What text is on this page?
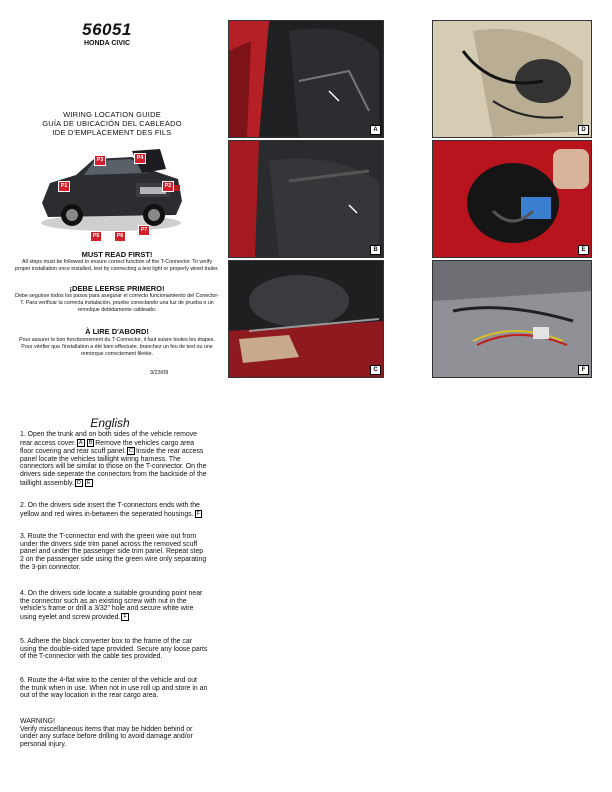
56051
HONDA CIVIC
WIRING LOCATION GUIDE
GUÍA DE UBICACIÓN DEL CABLEADO
IDE D'EMPLACEMENT DES FILS
P3	P4
P1	P2
P5	P6
P7
MUST READ FIRST!
All steps must be followed to ensure correct function of the T-Connector. To verify proper installation once installed, test by connecting a test light or properly wired trailer.
¡DEBE LEERSE PRIMERO!
Debe seguirse todos los pasos para asegurar el correcto funcionamiento del Conector-T. Para verificar la correcta instalación, pruebe conectando una luz de prueba o un remolque debidamente cableado.
À LIRE D'ABORD!
Pour assurer le bon fonctionnement du T-Connector, il faut suivre toutes les étapes. Pour vérifier que l'installation a été bien effectuée, branchez un feu de test ou une remorque correctement filetée.
3/23/09
English
1. Open the trunk and on both sides of the vehicle remove rear access cover. A B Remove the vehicles cargo area floor covering and rear scuff panel. C Inside the rear access panel locate the vehicles taillight wiring harness. The connectors will be similar to those on the T-connector. On the drivers side seperate the connectors from the backside of the taillight assembly. D E
2. On the drivers side insert the T-connectors ends with the yellow and red wires in-between the seperated housings. F
3. Route the T-connector end with the green wire out from under the drivers side trim panel across the removed scuff panel and under the passenger side trim panel. Repeat step 2 on the passenger side using the green wire only separating the 3-pin connector.
4. On the drivers side locate a suitable grounding point near the connector such as an existing screw with nut in the vehicle's frame or drill a 3/32" hole and secure white wire using eyelet and screw provided. F
5. Adhere the black converter box to the frame of the car using the double-sided tape provided. Secure any loose parts of the T-connector with the cable ties provided.
6. Route the 4-flat wire to the center of the vehicle and out the trunk when in use. When not in use roll up and store in an out of the way location in the rear cargo area.
WARNING!
Verify miscellaneous items that may be hidden behind or under any surface before drilling to avoid damage and/or personal injury.
A
B
C
D
E
F
